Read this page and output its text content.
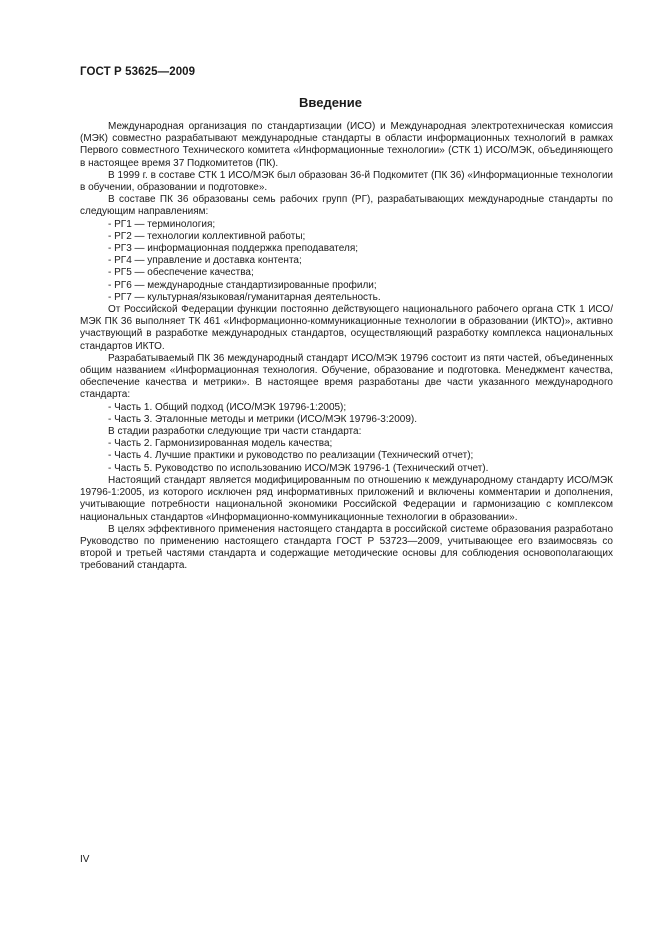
ГОСТ Р 53625—2009
Введение

Международная организация по стандартизации (ИСО) и Международная электротехническая комиссия (МЭК) совместно разрабатывают международные стандарты в области информационных технологий в рамках Первого совместного Технического комитета «Информационные технологии» (СТК 1) ИСО/МЭК, объединяющего в настоящее время 37 Подкомитетов (ПК).

В 1999 г. в составе СТК 1 ИСО/МЭК был образован 36-й Подкомитет (ПК 36) «Информационные технологии в обучении, образовании и подготовке».

В составе ПК 36 образованы семь рабочих групп (РГ), разрабатывающих международные стандарты по следующим направлениям:

- РГ1 — терминология;

- РГ2 — технологии коллективной работы;

- РГ3 — информационная поддержка преподавателя;

- РГ4 — управление и доставка контента;

- РГ5 — обеспечение качества;

- РГ6 — международные стандартизированные профили;

- РГ7 — культурная/языковая/гуманитарная деятельность.

От Российской Федерации функции постоянно действующего национального рабочего органа СТК 1 ИСО/МЭК ПК 36 выполняет ТК 461 «Информационно-коммуникационные технологии в образовании (ИКТО)», активно участвующий в разработке международных стандартов, осуществляющий разработку комплекса национальных стандартов ИКТО.

Разрабатываемый ПК 36 международный стандарт ИСО/МЭК 19796 состоит из пяти частей, объединенных общим названием «Информационная технология. Обучение, образование и подготовка. Менеджмент качества, обеспечение качества и метрики». В настоящее время разработаны две части указанного международного стандарта:

- Часть 1. Общий подход (ИСО/МЭК 19796-1:2005);

- Часть 3. Эталонные методы и метрики (ИСО/МЭК 19796-3:2009).

В стадии разработки следующие три части стандарта:

- Часть 2. Гармонизированная модель качества;

- Часть 4. Лучшие практики и руководство по реализации (Технический отчет);

- Часть 5. Руководство по использованию ИСО/МЭК 19796-1 (Технический отчет).

Настоящий стандарт является модифицированным по отношению к международному стандарту ИСО/МЭК 19796-1:2005, из которого исключен ряд информативных приложений и включены комментарии и дополнения, учитывающие потребности национальной экономики Российской Федерации и гармонизацию с комплексом национальных стандартов «Информационно-коммуникационные технологии в образовании».

В целях эффективного применения настоящего стандарта в российской системе образования разработано Руководство по применению настоящего стандарта ГОСТ Р 53723—2009, учитывающее его взаимосвязь со второй и третьей частями стандарта и содержащие методические основы для соблюдения основополагающих требований стандарта.

IV
